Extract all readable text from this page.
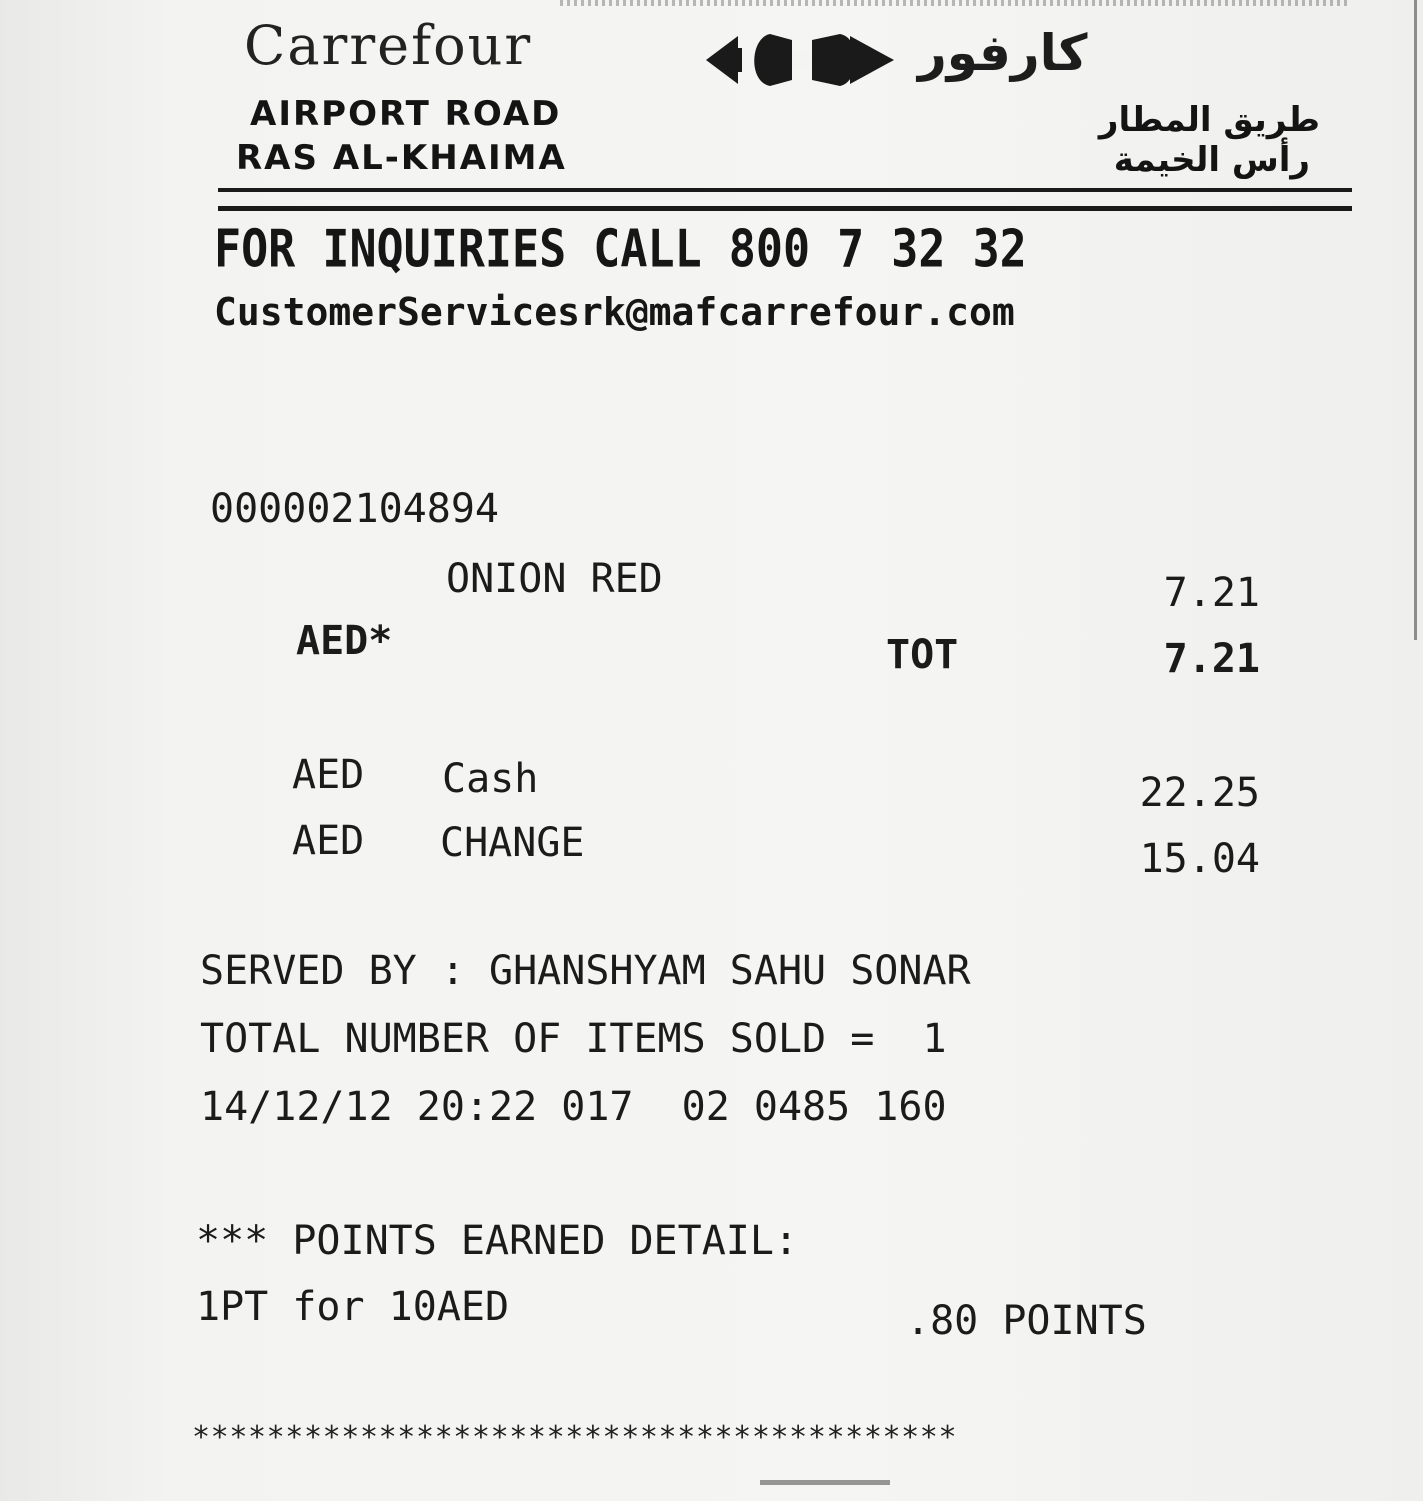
Carrefour	كارفور
AIRPORT ROAD
RAS AL-KHAIMA
طريق المطار
رأس الخيمة
FOR INQUIRIES CALL 800 7 32 32
CustomerServicesrk@mafcarrefour.com
000002104894
ONION RED	7.21
AED*	TOT	7.21
AED Cash	22.25
AED CHANGE	15.04
SERVED BY : GHANSHYAM SAHU SONAR
TOTAL NUMBER OF ITEMS SOLD =  1
14/12/12 20:22 017  02 0485 160
*** POINTS EARNED DETAIL:
1PT for 10AED	.80 POINTS
*****************************************
